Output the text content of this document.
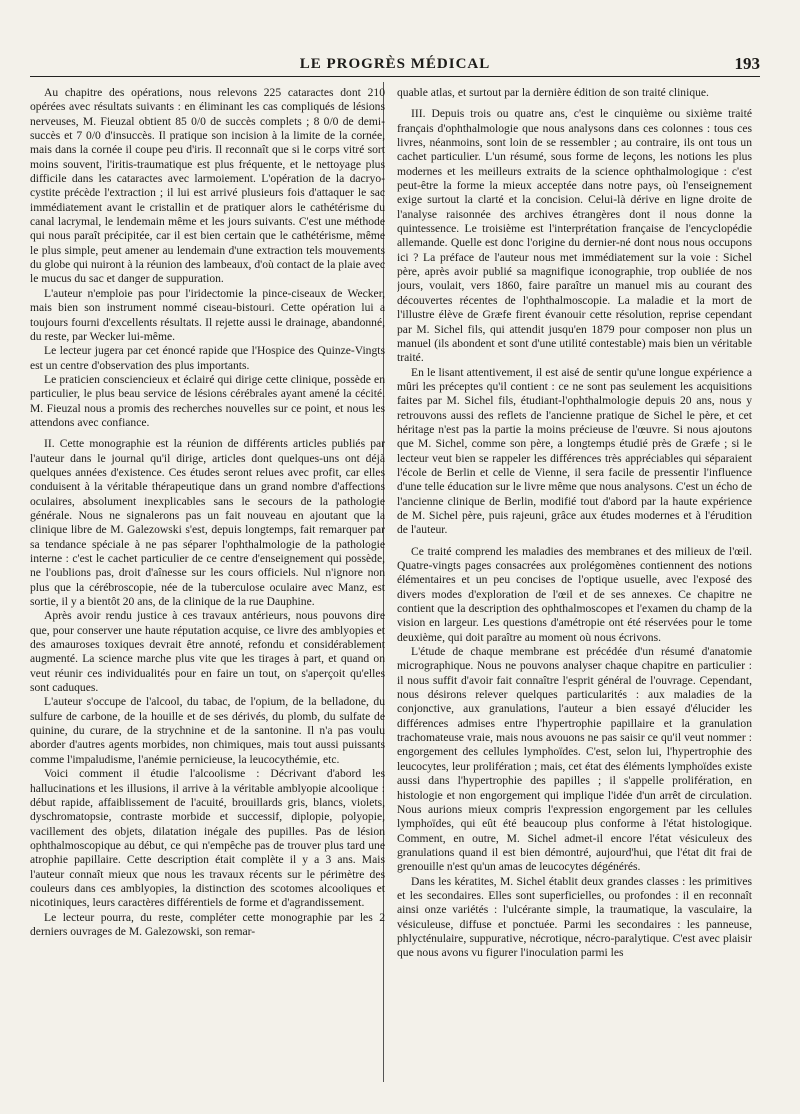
LE PROGRÈS MÉDICAL	193

Au chapitre des opérations, nous relevons 225 cataractes dont 210 opérées avec résultats suivants : en éliminant les cas compliqués de lésions nerveuses, M. Fieuzal obtient 85 0/0 de succès complets ; 8 0/0 de demi-succès et 7 0/0 d'insuccès. Il pratique son incision à la limite de la cornée, mais dans la cornée il coupe peu d'iris. Il reconnaît que si le corps vitré sort moins souvent, l'iritis-traumatique est plus fréquente, et le nettoyage plus difficile dans les cataractes avec larmoiement. L'opération de la dacryo-cystite précède l'extraction ; il lui est arrivé plusieurs fois d'attaquer le sac immédiatement avant le cristallin et de pratiquer alors le cathétérisme du canal lacrymal, le lendemain même et les jours suivants. C'est une méthode qui nous paraît précipitée, car il est bien certain que le cathétérisme, même le plus simple, peut amener au lendemain d'une extraction tels mouvements du globe qui nuiront à la réunion des lambeaux, d'où contact de la plaie avec le mucus du sac et danger de suppuration.

L'auteur n'emploie pas pour l'iridectomie la pince-ciseaux de Wecker, mais bien son instrument nommé ciseau-bistouri. Cette opération lui a toujours fourni d'excellents résultats. Il rejette aussi le drainage, abandonné, du reste, par Wecker lui-même.

Le lecteur jugera par cet énoncé rapide que l'Hospice des Quinze-Vingts est un centre d'observation des plus importants.

Le praticien consciencieux et éclairé qui dirige cette clinique, possède en particulier, le plus beau service de lésions cérébrales ayant amené la cécité. M. Fieuzal nous a promis des recherches nouvelles sur ce point, et nous les attendons avec confiance.

II. Cette monographie est la réunion de différents articles publiés par l'auteur dans le journal qu'il dirige, articles dont quelques-uns ont déjà quelques années d'existence. Ces études seront relues avec profit, car elles conduisent à la véritable thérapeutique dans un grand nombre d'affections oculaires, absolument inexplicables sans le secours de la pathologie générale. Nous ne signalerons pas un fait nouveau en ajoutant que la clinique libre de M. Galezowski s'est, depuis longtemps, fait remarquer par sa tendance spéciale à ne pas séparer l'ophthalmologie de la pathologie interne : c'est le cachet particulier de ce centre d'enseignement qui possède, ne l'oublions pas, droit d'aînesse sur les cours officiels. Nul n'ignore non plus que la cérébroscopie, née de la tuberculose oculaire avec Manz, est sortie, il y a bientôt 20 ans, de la clinique de la rue Dauphine.

Après avoir rendu justice à ces travaux antérieurs, nous pouvons dire que, pour conserver une haute réputation acquise, ce livre des amblyopies et des amauroses toxiques devrait être annoté, refondu et considérablement augmenté. La science marche plus vite que les tirages à part, et quand on veut réunir ces individualités pour en faire un tout, on s'aperçoit qu'elles sont caduques.

L'auteur s'occupe de l'alcool, du tabac, de l'opium, de la belladone, du sulfure de carbone, de la houille et de ses dérivés, du plomb, du sulfate de quinine, du curare, de la strychnine et de la santonine. Il n'a pas voulu aborder d'autres agents morbides, non chimiques, mais tout aussi puissants comme l'impaludisme, l'anémie pernicieuse, la leucocythémie, etc.

Voici comment il étudie l'alcoolisme : Décrivant d'abord les hallucinations et les illusions, il arrive à la véritable amblyopie alcoolique : début rapide, affaiblissement de l'acuité, brouillards gris, blancs, violets, dyschromatopsie, contraste morbide et successif, diplopie, polyopie, vacillement des objets, dilatation inégale des pupilles. Pas de lésion ophthalmoscopique au début, ce qui n'empêche pas de trouver plus tard une atrophie papillaire. Cette description était complète il y a 3 ans. Mais l'auteur connaît mieux que nous les travaux récents sur le périmètre des couleurs dans ces amblyopies, la distinction des scotomes alcooliques et nicotiniques, leurs caractères différentiels de forme et d'agrandissement.

Le lecteur pourra, du reste, compléter cette monographie par les 2 derniers ouvrages de M. Galezowski, son remar-

quable atlas, et surtout par la dernière édition de son traité clinique.

III. Depuis trois ou quatre ans, c'est le cinquième ou sixième traité français d'ophthalmologie que nous analysons dans ces colonnes : tous ces livres, néanmoins, sont loin de se ressembler ; au contraire, ils ont tous un cachet particulier. L'un résumé, sous forme de leçons, les notions les plus modernes et les meilleurs extraits de la science ophthalmologique : c'est peut-être la forme la mieux acceptée dans notre pays, où l'enseignement exige surtout la clarté et la concision. Celui-là dérive en ligne droite de l'analyse raisonnée des archives étrangères dont il nous donne la quintessence. Le troisième est l'interprétation française de l'encyclopédie allemande. Quelle est donc l'origine du dernier-né dont nous nous occupons ici ? La préface de l'auteur nous met immédiatement sur la voie : Sichel père, après avoir publié sa magnifique iconographie, trop oubliée de nos jours, voulait, vers 1860, faire paraître un manuel mis au courant des découvertes récentes de l'ophthalmoscopie. La maladie et la mort de l'illustre élève de Græfe firent évanouir cette résolution, reprise cependant par M. Sichel fils, qui attendit jusqu'en 1879 pour composer non plus un manuel (ils abondent et sont d'une utilité contestable) mais bien un véritable traité.

En le lisant attentivement, il est aisé de sentir qu'une longue expérience a mûri les préceptes qu'il contient : ce ne sont pas seulement les acquisitions faites par M. Sichel fils, étudiant-l'ophthalmologie depuis 20 ans, nous y retrouvons aussi des reflets de l'ancienne pratique de Sichel le père, et cet héritage n'est pas la partie la moins précieuse de l'œuvre. Si nous ajoutons que M. Sichel, comme son père, a longtemps étudié près de Græfe ; si le lecteur veut bien se rappeler les différences très appréciables qui séparaient l'école de Berlin et celle de Vienne, il sera facile de pressentir l'influence d'une telle éducation sur le livre même que nous analysons. C'est un écho de l'ancienne clinique de Berlin, modifié tout d'abord par la haute expérience de M. Sichel père, puis rajeuni, grâce aux études modernes et à l'érudition de l'auteur.

Ce traité comprend les maladies des membranes et des milieux de l'œil. Quatre-vingts pages consacrées aux prolégomènes contiennent des notions élémentaires et un peu concises de l'optique usuelle, avec l'exposé des divers modes d'exploration de l'œil et de ses annexes. Ce chapitre ne contient que la description des ophthalmoscopes et l'examen du champ de la vision en largeur. Les questions d'amétropie ont été réservées pour le tome deuxième, qui doit paraître au moment où nous écrivons.

L'étude de chaque membrane est précédée d'un résumé d'anatomie micrographique. Nous ne pouvons analyser chaque chapitre en particulier : il nous suffit d'avoir fait connaître l'esprit général de l'ouvrage. Cependant, nous désirons relever quelques particularités : aux maladies de la conjonctive, aux granulations, l'auteur a bien essayé d'élucider les différences admises entre l'hypertrophie papillaire et la granulation trachomateuse vraie, mais nous avouons ne pas saisir ce qu'il veut nommer : engorgement des cellules lymphoïdes. C'est, selon lui, l'hypertrophie des leucocytes, leur prolifération ; mais, cet état des éléments lymphoïdes existe aussi dans l'hypertrophie des papilles ; il s'appelle prolifération, en histologie et non engorgement qui implique l'idée d'un arrêt de circulation. Nous aurions mieux compris l'expression engorgement par les cellules lymphoïdes, qui eût été beaucoup plus conforme à l'état histologique. Comment, en outre, M. Sichel admet-il encore l'état vésiculeux des granulations quand il est bien démontré, aujourd'hui, que l'état dit frai de grenouille n'est qu'un amas de leucocytes dégénérés.

Dans les kératites, M. Sichel établit deux grandes classes : les primitives et les secondaires. Elles sont superficielles, ou profondes : il en reconnaît ainsi onze variétés : l'ulcérante simple, la traumatique, la vasculaire, la vésiculeuse, diffuse et ponctuée. Parmi les secondaires : les panneuse, phlycténulaire, suppurative, nécrotique, nécro-paralytique. C'est avec plaisir que nous avons vu figurer l'inoculation parmi les
